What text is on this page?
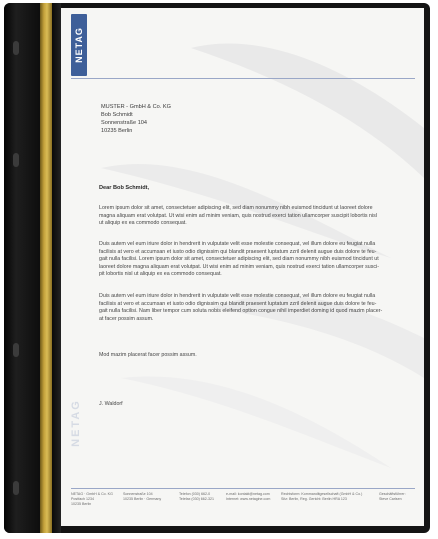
NETAG
NETAG
MUSTER - GmbH & Co. KG
Bob Schmidt
Sonnenstraße 104
10235 Berlin
Dear Bob Schmidt,
Lorem ipsum dolor sit amet, consectetuer adipiscing elit, sed diam nonummy nibh euismod tincidunt ut laoreet dolore
magna aliquam erat volutpat. Ut wisi enim ad minim veniam, quis nostrud exerci tation ullamcorper suscipit lobortis nisl
ut aliquip ex ea commodo consequat.
Duis autem vel eum iriure dolor in hendrerit in vulputate velit esse molestie consequat, vel illum dolore eu feugiat nulla
facilisis at vero et accumsan et iusto odio dignissim qui blandit praesent luptatum zzril delenit augue duis dolore te feu-
gait nulla facilisi. Lorem ipsum dolor sit amet, consectetuer adipiscing elit, sed diam nonummy nibh euismod tincidunt ut
laoreet dolore magna aliquam erat volutpat. Ut wisi enim ad minim veniam, quis nostrud exerci tation ullamcorper susci-
pit lobortis nisl ut aliquip ex ea commodo consequat.
Duis autem vel eum iriure dolor in hendrerit in vulputate velit esse molestie consequat, vel illum dolore eu feugiat nulla
facilisis at vero et accumsan et iusto odio dignissim qui blandit praesent luptatum zzril delenit augue duis dolore te feu-
gait nulla facilisi. Nam liber tempor cum soluta nobis eleifend option congue nihil imperdiet doming id quod mazim placer-
at facer possim assum.
Mod mazim placerat facer possim assum.
J. Waldorf
NETAG · GmbH & Co. KG
Postfach 1234
10235 Berlin
Sonnenstraße 104
10235 Berlin · Germany
Telefon (030) 662-0
Telefax (030) 662-321
e-mail: kontakt@netag.com
Internet: www.netagine.com
Rechtsform: Kommanditgesellschaft (GmbH & Co.)
Sitz: Berlin, Reg. Gericht: Berlin HRA 123
Geschäftsführer:
Steve Carlsen
